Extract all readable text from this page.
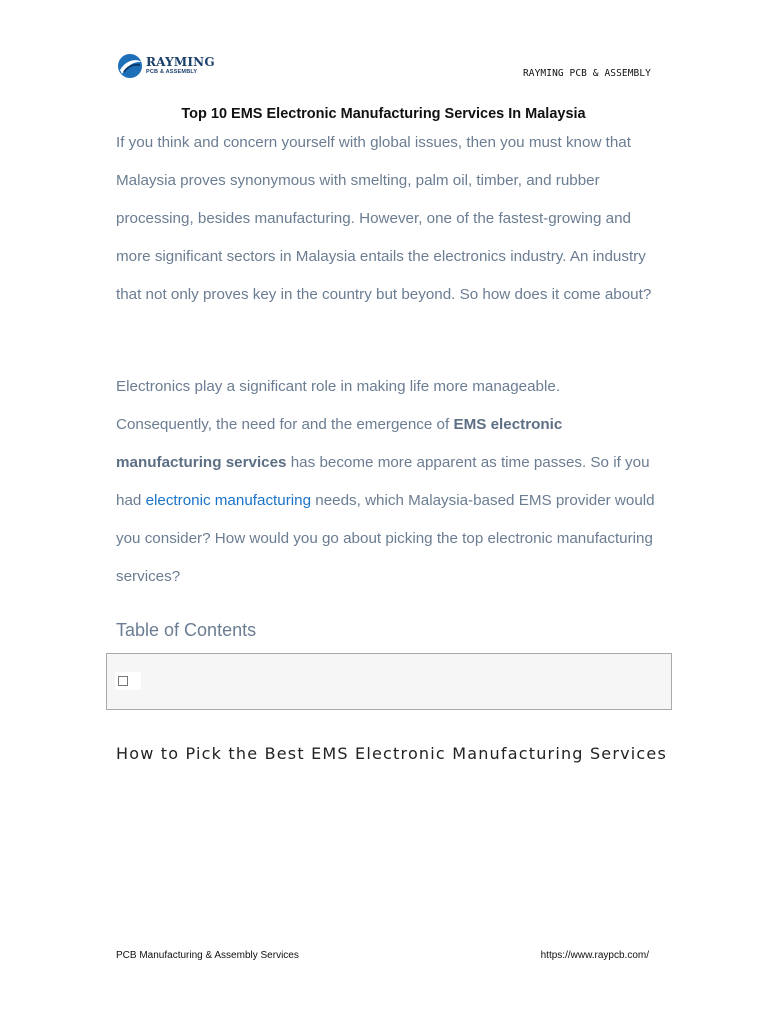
RAYMING
PCB & ASSEMBLY	RAYMING PCB & ASSEMBLY
Top 10 EMS Electronic Manufacturing Services In Malaysia

If you think and concern yourself with global issues, then you must know that Malaysia proves synonymous with smelting, palm oil, timber, and rubber processing, besides manufacturing. However, one of the fastest-growing and more significant sectors in Malaysia entails the electronics industry. An industry that not only proves key in the country but beyond. So how does it come about?

Electronics play a significant role in making life more manageable. Consequently, the need for and the emergence of EMS electronic manufacturing services has become more apparent as time passes. So if you had electronic manufacturing needs, which Malaysia-based EMS provider would you consider? How would you go about picking the top electronic manufacturing services?

Table of Contents
How to Pick the Best EMS Electronic Manufacturing Services
PCB Manufacturing & Assembly Services	https://www.raypcb.com/
